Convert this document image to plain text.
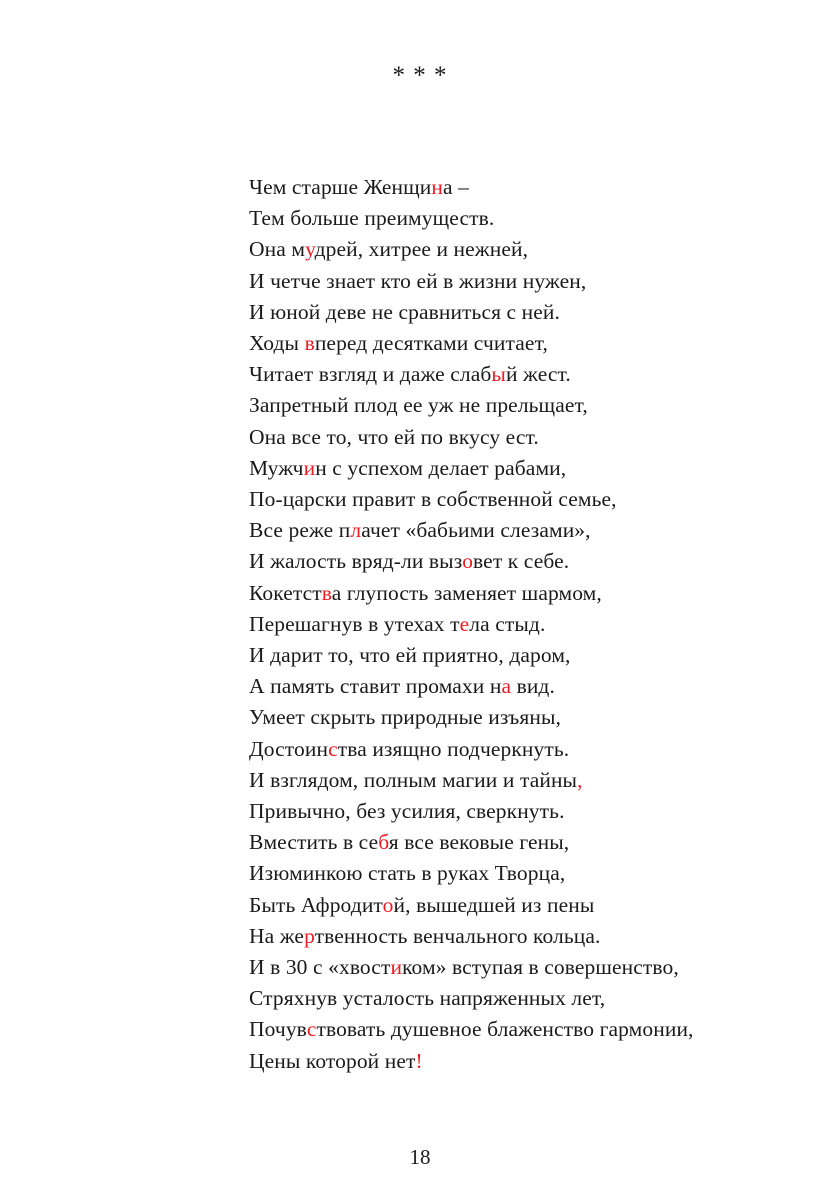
* * *
Чем старше Женщина –
Тем больше преимуществ.
Она мудрей, хитрее и нежней,
И четче знает кто ей в жизни нужен,
И юной деве не сравниться с ней.
Ходы вперед десятками считает,
Читает взгляд и даже слабый жест.
Запретный плод ее уж не прельщает,
Она все то, что ей по вкусу ест.
Мужчин с успехом делает рабами,
По-царски правит в собственной семье,
Все реже плачет «бабьими слезами»,
И жалость вряд-ли вызовет к себе.
Кокетства глупость заменяет шармом,
Перешагнув в утехах тела стыд.
И дарит то, что ей приятно, даром,
А память ставит промахи на вид.
Умеет скрыть природные изъяны,
Достоинства изящно подчеркнуть.
И взглядом, полным магии и тайны,
Привычно, без усилия, сверкнуть.
Вместить в себя все вековые гены,
Изюминкою стать в руках Творца,
Быть Афродитой, вышедшей из пены
На жертвенность венчального кольца.
И в 30 с «хвостиком» вступая в совершенство,
Стряхнув усталость напряженных лет,
Почувствовать душевное блаженство гармонии,
Цены которой нет!
18
